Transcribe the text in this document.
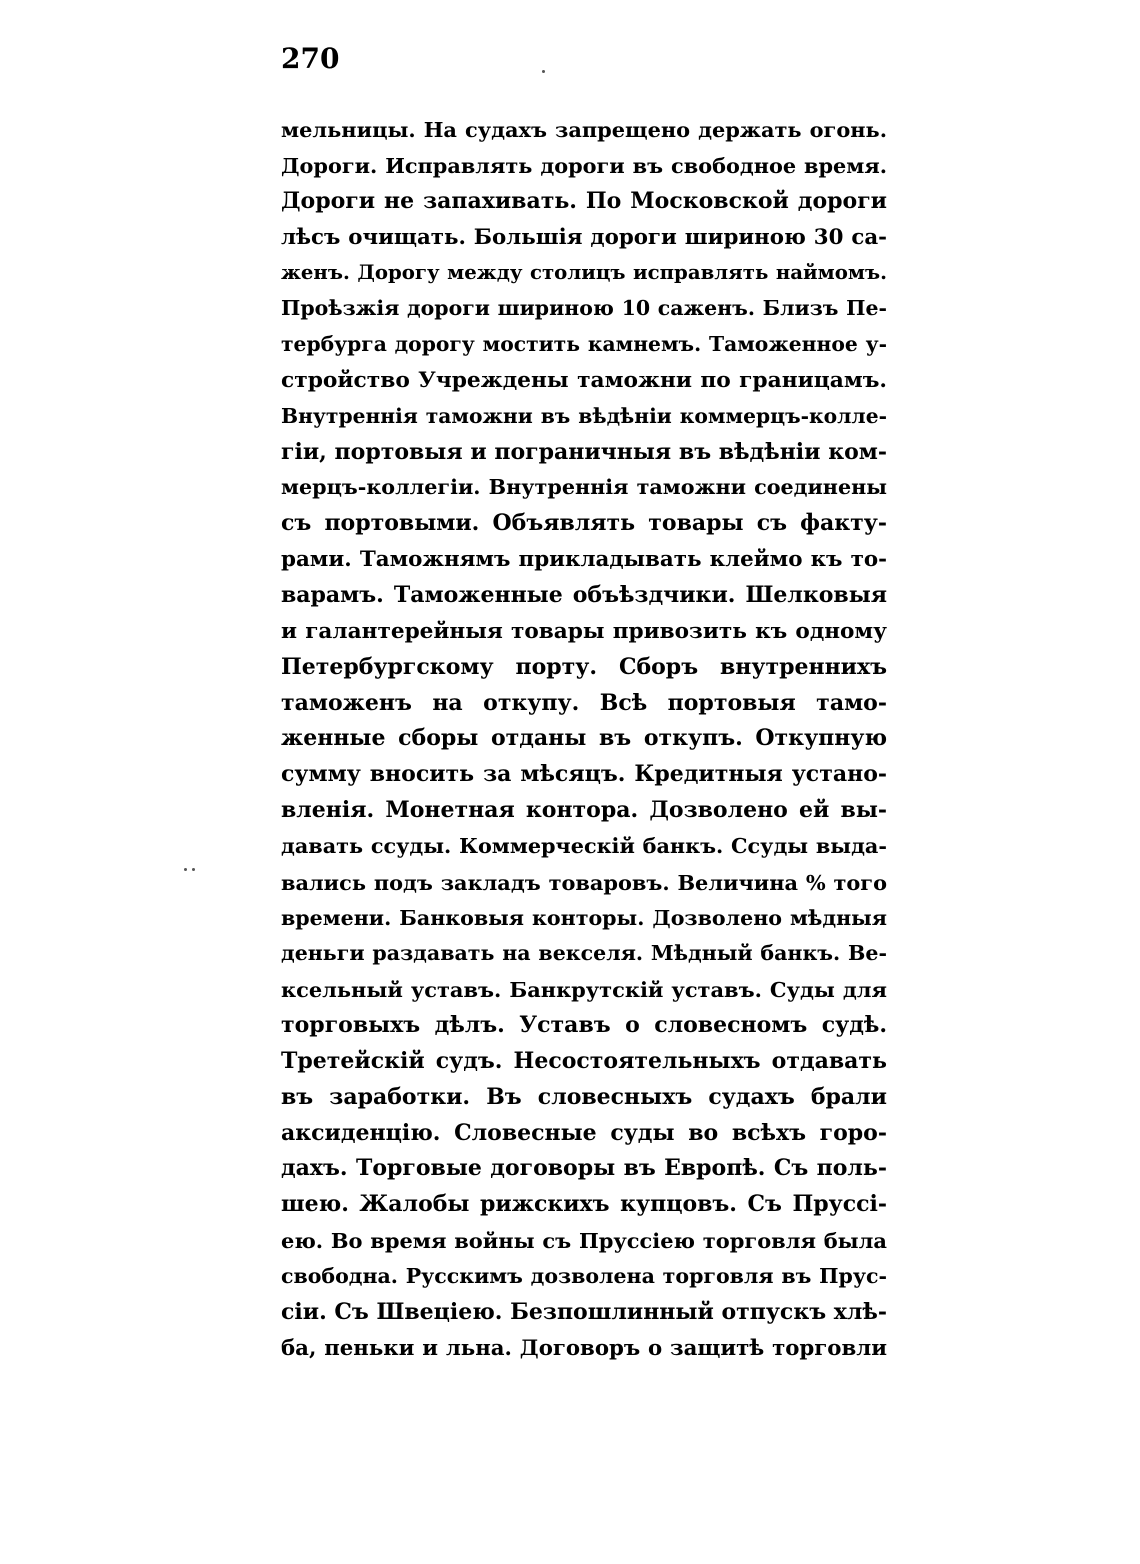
270
мельницы. На судахъ запрещено держать огонь.
Дороги. Исправлять дороги въ свободное время.
Дороги не запахивать. По Московской дороги
лѣсъ очищать. Большія дороги шириною 30 са-
женъ. Дорогу между столицъ исправлять наймомъ.
Проѣзжія дороги шириною 10 саженъ. Близъ Пе-
тербурга дорогу мостить камнемъ. Таможенное у-
стройство Учреждены таможни по границамъ.
Внутреннія таможни въ вѣдѣніи коммерцъ-колле-
гіи, портовыя и пограничныя въ вѣдѣніи ком-
мерцъ-коллегіи. Внутреннія таможни соединены
съ портовыми. Объявлять товары съ факту-
рами. Таможнямъ прикладывать клеймо къ то-
варамъ. Таможенные объѣздчики. Шелковыя
и галантерейныя товары привозить къ одному
Петербургскому порту. Сборъ внутреннихъ
таможенъ на откупу. Всѣ портовыя тамо-
женные сборы отданы въ откупъ. Откупную
сумму вносить за мѣсяцъ. Кредитныя устано-
вленія. Монетная контора. Дозволено ей вы-
давать ссуды. Коммерческій банкъ. Ссуды выда-
вались подъ закладъ товаровъ. Величина % того
времени. Банковыя конторы. Дозволено мѣдныя
деньги раздавать на векселя. Мѣдный банкъ. Ве-
ксельный уставъ. Банкрутскій уставъ. Суды для
торговыхъ дѣлъ. Уставъ о словесномъ судѣ.
Третейскій судъ. Несостоятельныхъ отдавать
въ заработки. Въ словесныхъ судахъ брали
аксиденцію. Словесные суды во всѣхъ горо-
дахъ. Торговые договоры въ Европѣ. Съ поль-
шею. Жалобы рижскихъ купцовъ. Съ Пруссі-
ею. Во время войны съ Пруссіею торговля была
свободна. Русскимъ дозволена торговля въ Прус-
сіи. Съ Швеціею. Безпошлинный отпускъ хлѣ-
ба, пеньки и льна. Договоръ о защитѣ торговли
